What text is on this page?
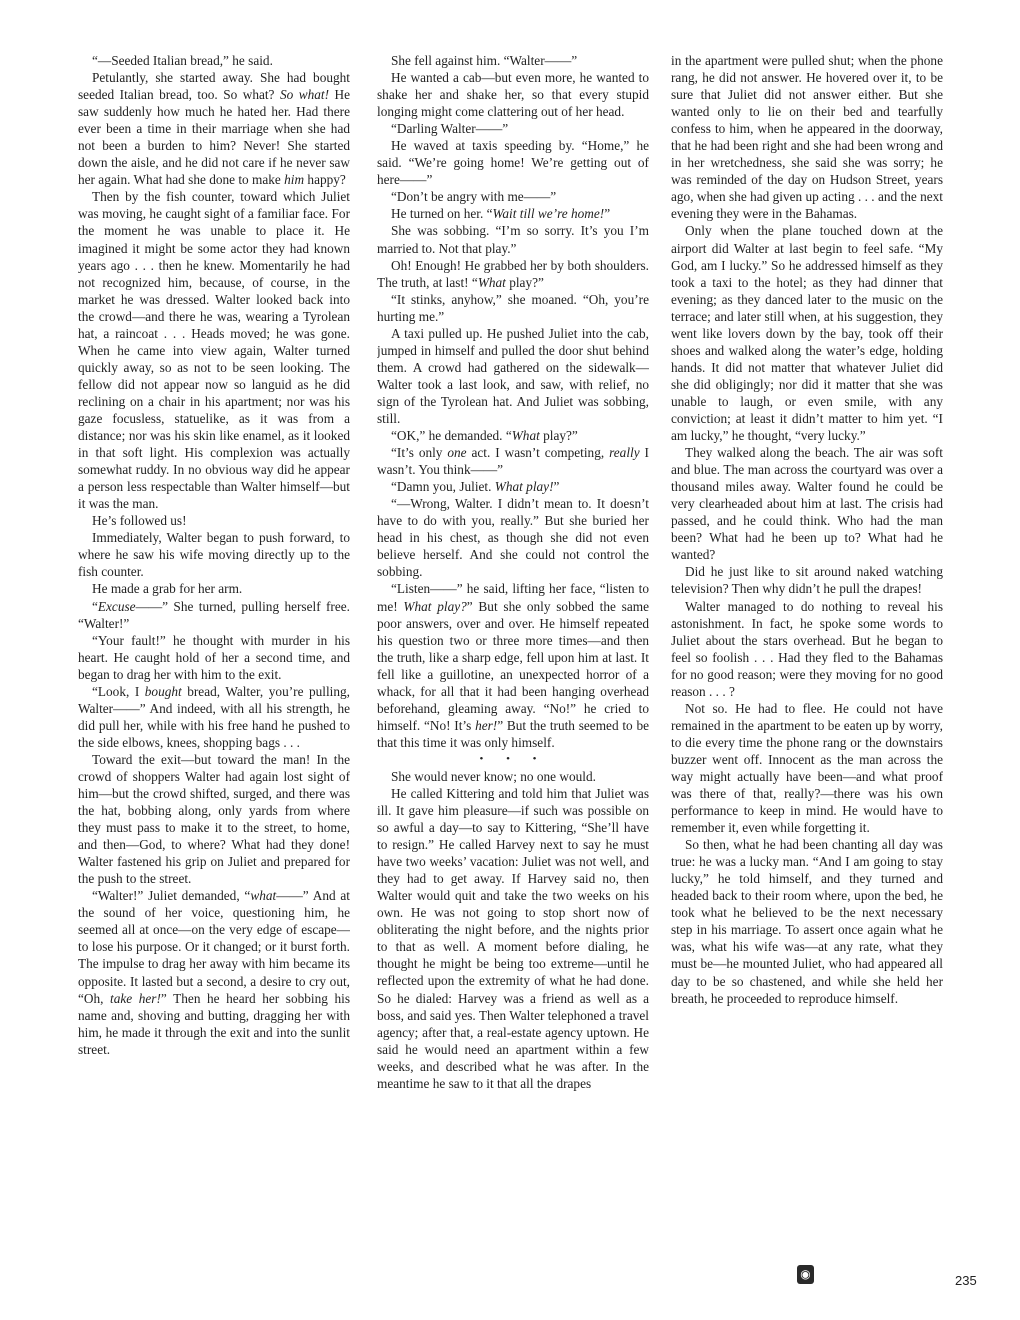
“—Seeded Italian bread,” he said.

Petulantly, she started away. She had bought seeded Italian bread, too. So what? So what! He saw suddenly how much he hated her. Had there ever been a time in their marriage when she had not been a burden to him? Never! She started down the aisle, and he did not care if he never saw her again. What had she done to make him happy?

Then by the fish counter, toward which Juliet was moving, he caught sight of a familiar face. For the moment he was unable to place it. He imagined it might be some actor they had known years ago . . . then he knew. Momentarily he had not recognized him, because, of course, in the market he was dressed. Walter looked back into the crowd—and there he was, wearing a Tyrolean hat, a raincoat . . . Heads moved; he was gone. When he came into view again, Walter turned quickly away, so as not to be seen looking. The fellow did not appear now so languid as he did reclining on a chair in his apartment; nor was his gaze focusless, statuelike, as it was from a distance; nor was his skin like enamel, as it looked in that soft light. His complexion was actually somewhat ruddy. In no obvious way did he appear a person less respectable than Walter himself—but it was the man.

He’s followed us!

Immediately, Walter began to push forward, to where he saw his wife moving directly up to the fish counter.

He made a grab for her arm.

“Excuse——” She turned, pulling herself free. “Walter!”

“Your fault!” he thought with murder in his heart. He caught hold of her a second time, and began to drag her with him to the exit.

“Look, I bought bread, Walter, you’re pulling, Walter——” And indeed, with all his strength, he did pull her, while with his free hand he pushed to the side elbows, knees, shopping bags . . .

Toward the exit—but toward the man! In the crowd of shoppers Walter had again lost sight of him—but the crowd shifted, surged, and there was the hat, bobbing along, only yards from where they must pass to make it to the street, to home, and then—God, to where? What had they done! Walter fastened his grip on Juliet and prepared for the push to the street.

“Walter!” Juliet demanded, “what——” And at the sound of her voice, questioning him, he seemed all at once—on the very edge of escape—to lose his purpose. Or it changed; or it burst forth. The impulse to drag her away with him became its opposite. It lasted but a second, a desire to cry out, “Oh, take her!” Then he heard her sobbing his name and, shoving and butting, dragging her with him, he made it through the exit and into the sunlit street.

She fell against him. “Walter——”

He wanted a cab—but even more, he wanted to shake her and shake her, so that every stupid longing might come clattering out of her head.

“Darling Walter——”

He waved at taxis speeding by. “Home,” he said. “We’re going home! We’re getting out of here——”

“Don’t be angry with me——”

He turned on her. “Wait till we’re home!”

She was sobbing. “I’m so sorry. It’s you I’m married to. Not that play.”

Oh! Enough! He grabbed her by both shoulders. The truth, at last! “What play?”

“It stinks, anyhow,” she moaned. “Oh, you’re hurting me.”

A taxi pulled up. He pushed Juliet into the cab, jumped in himself and pulled the door shut behind them. A crowd had gathered on the sidewalk—Walter took a last look, and saw, with relief, no sign of the Tyrolean hat. And Juliet was sobbing, still.

“OK,” he demanded. “What play?”

“It’s only one act. I wasn’t competing, really I wasn’t. You think——”

“Damn you, Juliet. What play!”

“—Wrong, Walter. I didn’t mean to. It doesn’t have to do with you, really.” But she buried her head in his chest, as though she did not even believe herself. And she could not control the sobbing.

“Listen——” he said, lifting her face, “listen to me! What play?” But she only sobbed the same poor answers, over and over. He himself repeated his question two or three more times—and then the truth, like a sharp edge, fell upon him at last. It fell like a guillotine, an unexpected horror of a whack, for all that it had been hanging overhead beforehand, gleaming away. “No!” he cried to himself. “No! It’s her!” But the truth seemed to be that this time it was only himself.

• • •

She would never know; no one would.

He called Kittering and told him that Juliet was ill. It gave him pleasure—if such was possible on so awful a day—to say to Kittering, “She’ll have to resign.” He called Harvey next to say he must have two weeks’ vacation: Juliet was not well, and they had to get away. If Harvey said no, then Walter would quit and take the two weeks on his own. He was not going to stop short now of obliterating the night before, and the nights prior to that as well. A moment before dialing, he thought he might be being too extreme—until he reflected upon the extremity of what he had done. So he dialed: Harvey was a friend as well as a boss, and said yes. Then Walter telephoned a travel agency; after that, a real-estate agency uptown. He said he would need an apartment within a few weeks, and described what he was after. In the meantime he saw to it that all the drapes

in the apartment were pulled shut; when the phone rang, he did not answer. He hovered over it, to be sure that Juliet did not answer either. But she wanted only to lie on their bed and tearfully confess to him, when he appeared in the doorway, that he had been right and she had been wrong and in her wretchedness, she said she was sorry; he was reminded of the day on Hudson Street, years ago, when she had given up acting . . . and the next evening they were in the Bahamas.

Only when the plane touched down at the airport did Walter at last begin to feel safe. “My God, am I lucky.” So he addressed himself as they took a taxi to the hotel; as they had dinner that evening; as they danced later to the music on the terrace; and later still when, at his suggestion, they went like lovers down by the bay, took off their shoes and walked along the water’s edge, holding hands. It did not matter that whatever Juliet did she did obligingly; nor did it matter that she was unable to laugh, or even smile, with any conviction; at least it didn’t matter to him yet. “I am lucky,” he thought, “very lucky.”

They walked along the beach. The air was soft and blue. The man across the courtyard was over a thousand miles away. Walter found he could be very clearheaded about him at last. The crisis had passed, and he could think. Who had the man been? What had he been up to? What had he wanted?

Did he just like to sit around naked watching television? Then why didn’t he pull the drapes!

Walter managed to do nothing to reveal his astonishment. In fact, he spoke some words to Juliet about the stars overhead. But he began to feel so foolish . . . Had they fled to the Bahamas for no good reason; were they moving for no good reason . . . ?

Not so. He had to flee. He could not have remained in the apartment to be eaten up by worry, to die every time the phone rang or the downstairs buzzer went off. Innocent as the man across the way might actually have been—and what proof was there of that, really?—there was his own performance to keep in mind. He would have to remember it, even while forgetting it.

So then, what he had been chanting all day was true: he was a lucky man. “And I am going to stay lucky,” he told himself, and they turned and headed back to their room where, upon the bed, he took what he believed to be the next necessary step in his marriage. To assert once again what he was, what his wife was—at any rate, what they must be—he mounted Juliet, who had appeared all day to be so chastened, and while she held her breath, he proceeded to reproduce himself.

◉	235
